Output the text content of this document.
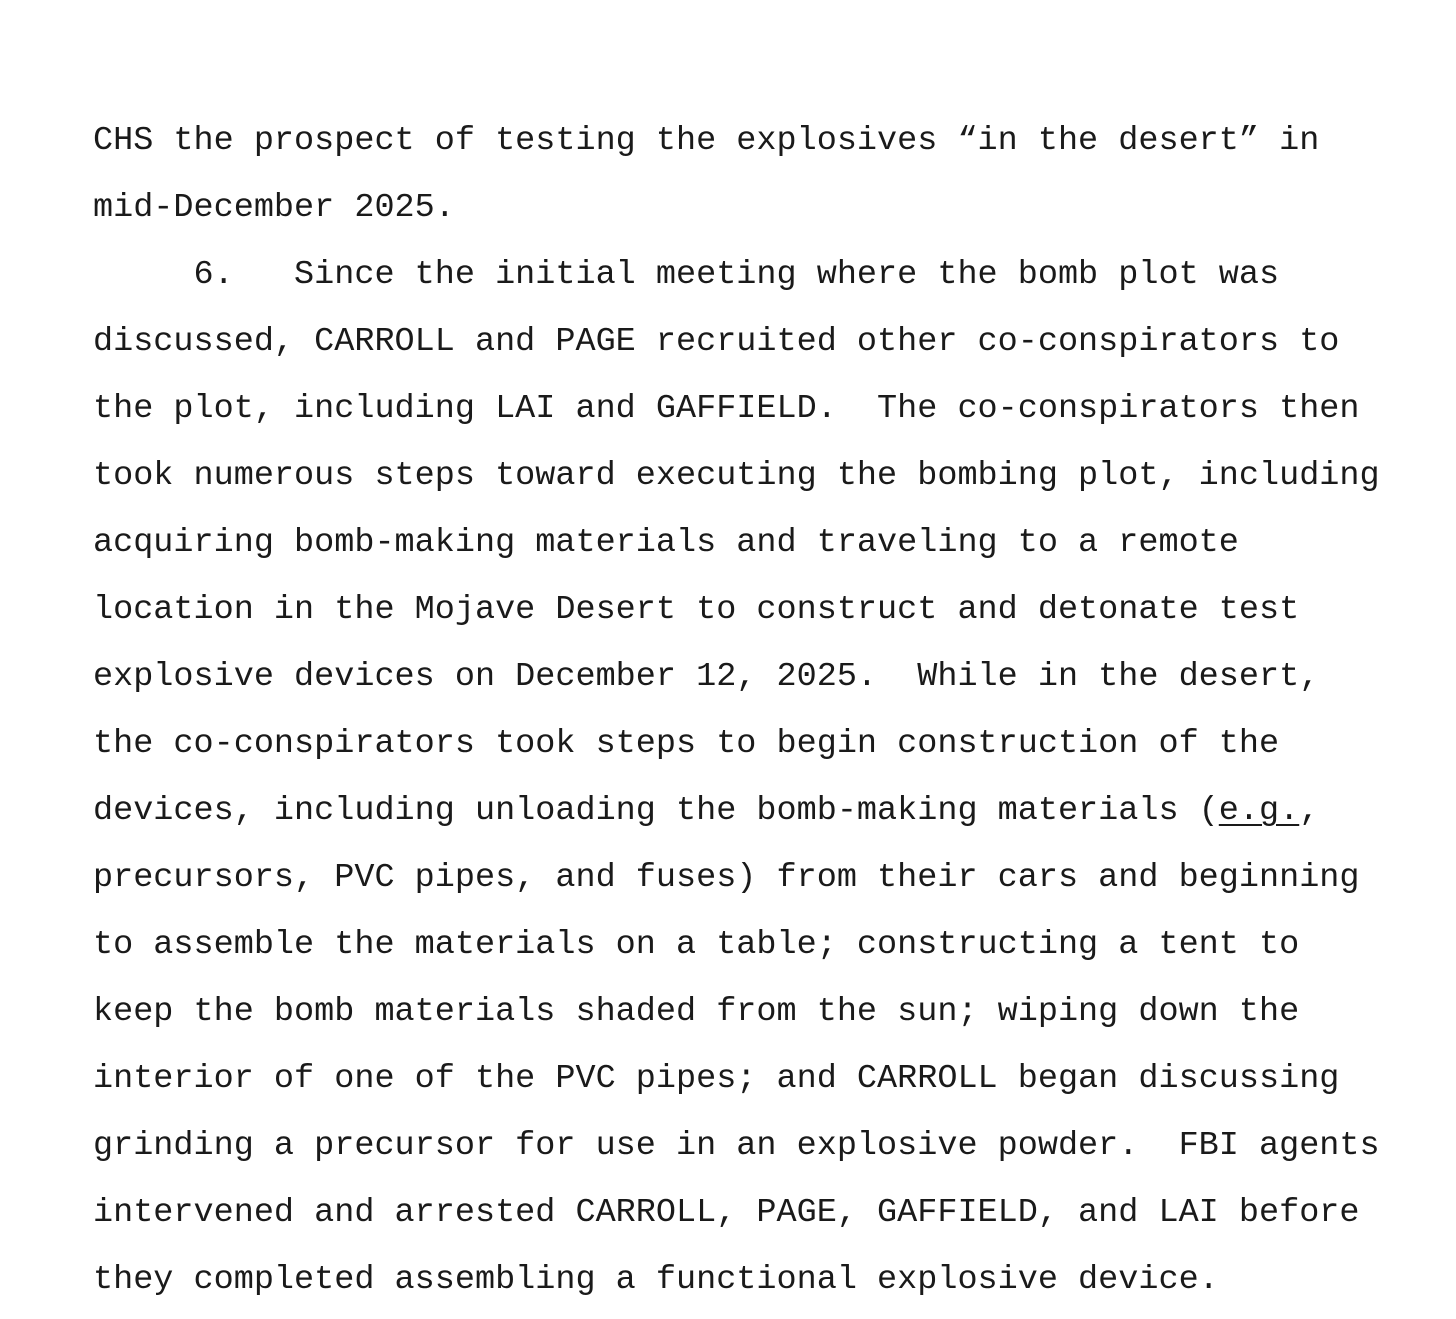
CHS the prospect of testing the explosives “in the desert” in

mid-December 2025.

6.   Since the initial meeting where the bomb plot was

discussed, CARROLL and PAGE recruited other co-conspirators to

the plot, including LAI and GAFFIELD.  The co-conspirators then

took numerous steps toward executing the bombing plot, including

acquiring bomb-making materials and traveling to a remote

location in the Mojave Desert to construct and detonate test

explosive devices on December 12, 2025.  While in the desert,

the co-conspirators took steps to begin construction of the

devices, including unloading the bomb-making materials (e.g.,

precursors, PVC pipes, and fuses) from their cars and beginning

to assemble the materials on a table; constructing a tent to

keep the bomb materials shaded from the sun; wiping down the

interior of one of the PVC pipes; and CARROLL began discussing

grinding a precursor for use in an explosive powder.  FBI agents

intervened and arrested CARROLL, PAGE, GAFFIELD, and LAI before

they completed assembling a functional explosive device.
